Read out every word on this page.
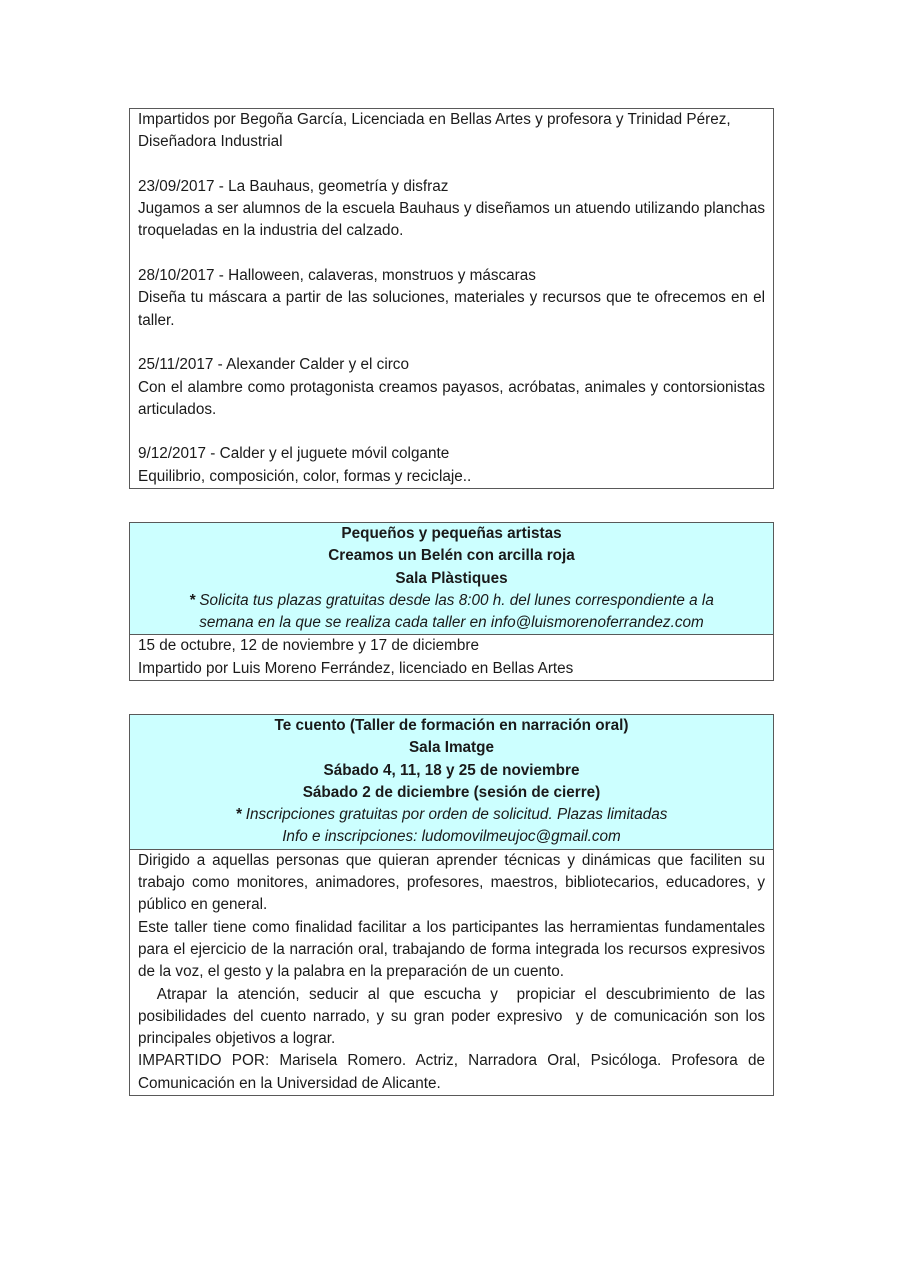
Impartidos por Begoña García, Licenciada en Bellas Artes y profesora y Trinidad Pérez,
Diseñadora Industrial
23/09/2017 - La Bauhaus, geometría y disfraz
Jugamos a ser alumnos de la escuela Bauhaus y diseñamos un atuendo utilizando planchas troqueladas en la industria del calzado.
28/10/2017 - Halloween, calaveras, monstruos y máscaras
Diseña tu máscara a partir de las soluciones, materiales y recursos que te ofrecemos en el taller.
25/11/2017 - Alexander Calder y el circo
Con el alambre como protagonista creamos payasos, acróbatas, animales y contorsionistas articulados.
9/12/2017 - Calder y el juguete móvil colgante
Equilibrio, composición, color, formas y reciclaje..
Pequeños y pequeñas artistas
Creamos un Belén con arcilla roja
Sala Plàstiques
* Solicita tus plazas gratuitas desde las 8:00 h. del lunes correspondiente a la
semana en la que se realiza cada taller en info@luismorenoferrandez.com
15 de octubre, 12 de noviembre y 17 de diciembre
Impartido por Luis Moreno Ferrández, licenciado en Bellas Artes
Te cuento (Taller de formación en narración oral)
Sala Imatge
Sábado 4, 11, 18 y 25 de noviembre
Sábado 2 de diciembre (sesión de cierre)
* Inscripciones gratuitas por orden de solicitud. Plazas limitadas
Info e inscripciones: ludomovilmeujoc@gmail.com
Dirigido a aquellas personas que quieran aprender técnicas y dinámicas que faciliten su trabajo como monitores, animadores, profesores, maestros, bibliotecarios, educadores, y público en general.
Este taller tiene como finalidad facilitar a los participantes las herramientas fundamentales para el ejercicio de la narración oral, trabajando de forma integrada los recursos expresivos de la voz, el gesto y la palabra en la preparación de un cuento.
Atrapar la atención, seducir al que escucha y  propiciar el descubrimiento de las posibilidades del cuento narrado, y su gran poder expresivo  y de comunicación son los principales objetivos a lograr.
IMPARTIDO POR: Marisela Romero. Actriz, Narradora Oral, Psicóloga. Profesora de Comunicación en la Universidad de Alicante.
